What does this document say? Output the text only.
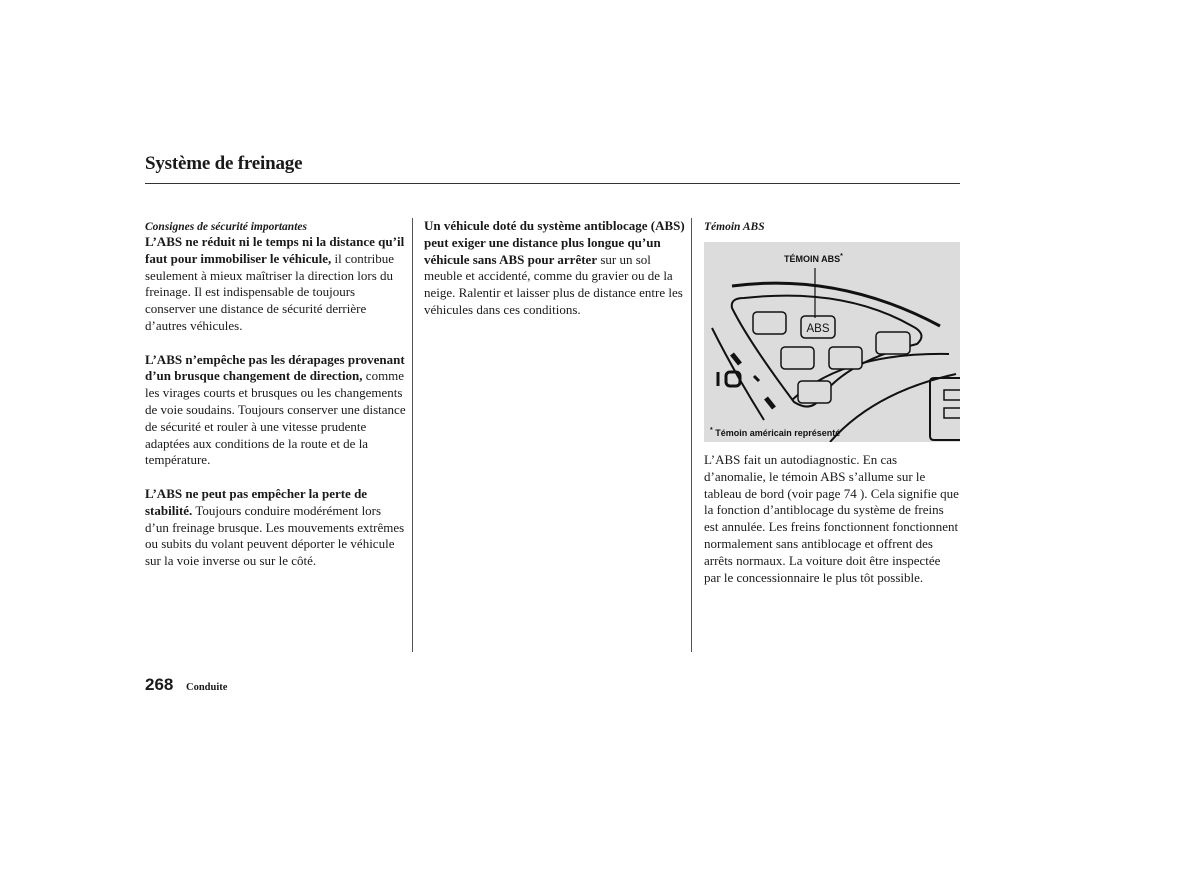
Système de freinage
Consignes de sécurité importantes

L’ABS ne réduit ni le temps ni la distance qu’il faut pour immobiliser le véhicule, il contribue seulement à mieux maîtriser la direction lors du freinage. Il est indispensable de toujours conserver une distance de sécurité derrière d’autres véhicules.

L’ABS n’empêche pas les dérapages provenant d’un brusque changement de direction, comme les virages courts et brusques ou les changements de voie soudains. Toujours conserver une distance de sécurité et rouler à une vitesse prudente adaptées aux conditions de la route et de la température.

L’ABS ne peut pas empêcher la perte de stabilité. Toujours conduire modérément lors d’un freinage brusque. Les mouvements extrêmes ou subits du volant peuvent déporter le véhicule sur la voie inverse ou sur le côté.

Un véhicule doté du système antiblocage (ABS) peut exiger une distance plus longue qu’un véhicule sans ABS pour arrêter sur un sol meuble et accidenté, comme du gravier ou de la neige. Ralentir et laisser plus de distance entre les véhicules dans ces conditions.

Témoin ABS
ABS
TÉMOIN ABS*
* Témoin américain représenté

L’ABS fait un autodiagnostic. En cas d’anomalie, le témoin ABS s’allume sur le tableau de bord (voir page 74 ). Cela signifie que la fonction d’antiblocage du système de freins est annulée. Les freins fonctionnent fonctionnent normalement sans antiblocage et offrent des arrêts normaux. La voiture doit être inspectée par le concessionnaire le plus tôt possible.

268 Conduite
